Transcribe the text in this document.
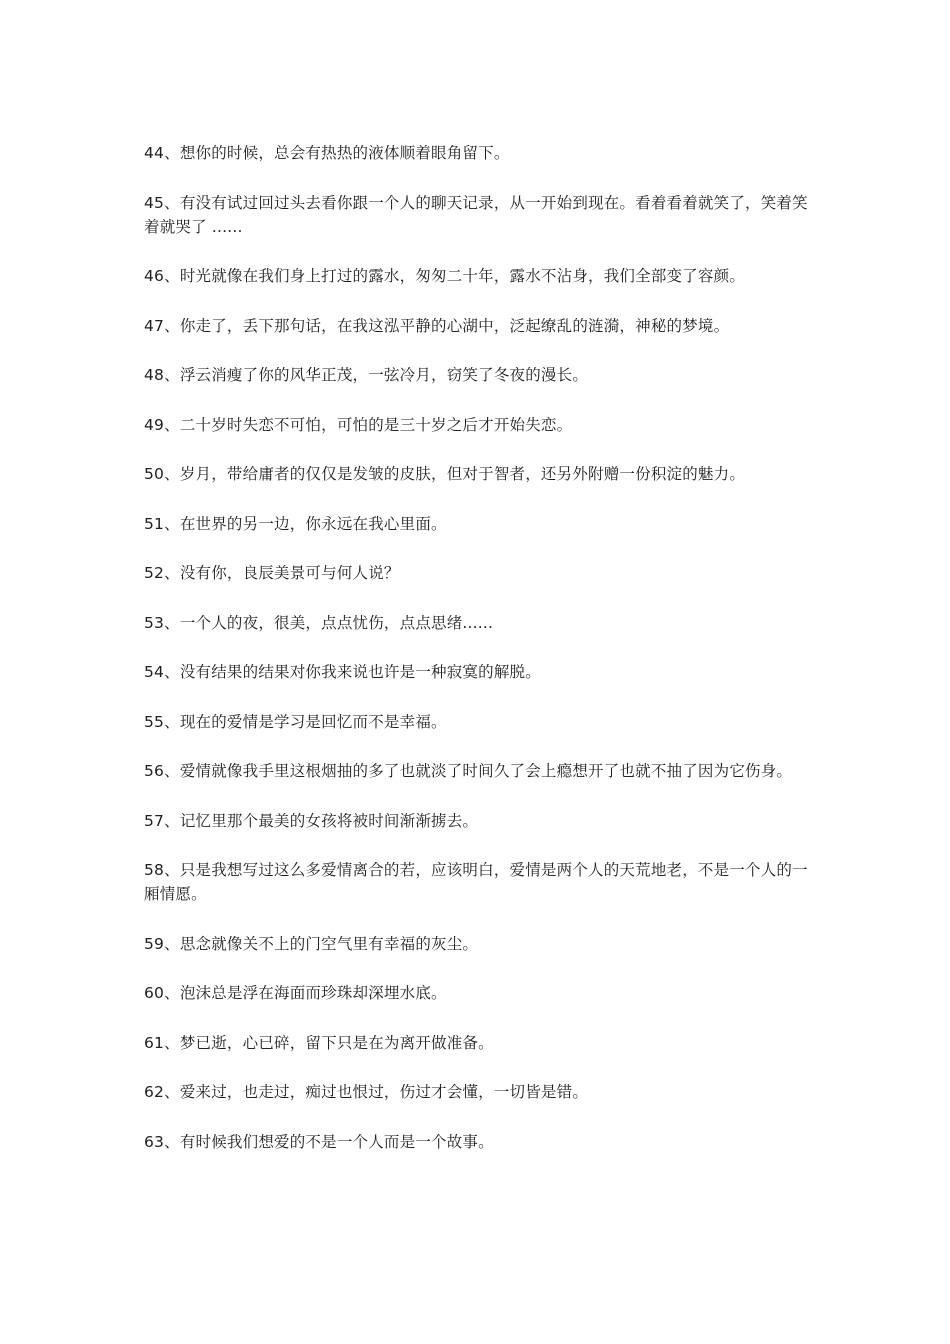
44、想你的时候，总会有热热的液体顺着眼角留下。
45、有没有试过回过头去看你跟一个人的聊天记录，从一开始到现在。看着看着就笑了，笑着笑着就哭了 ......
46、时光就像在我们身上打过的露水，匆匆二十年，露水不沾身，我们全部变了容颜。
47、你走了，丢下那句话，在我这泓平静的心湖中，泛起缭乱的涟漪，神秘的梦境。
48、浮云消瘦了你的风华正茂，一弦冷月，窃笑了冬夜的漫长。
49、二十岁时失恋不可怕，可怕的是三十岁之后才开始失恋。
50、岁月，带给庸者的仅仅是发皱的皮肤，但对于智者，还另外附赠一份积淀的魅力。
51、在世界的另一边，你永远在我心里面。
52、没有你，良辰美景可与何人说？
53、一个人的夜，很美，点点忧伤，点点思绪......
54、没有结果的结果对你我来说也许是一种寂寞的解脱。
55、现在的爱情是学习是回忆而不是幸福。
56、爱情就像我手里这根烟抽的多了也就淡了时间久了会上瘾想开了也就不抽了因为它伤身。
57、记忆里那个最美的女孩将被时间渐渐掳去。
58、只是我想写过这么多爱情离合的若，应该明白，爱情是两个人的天荒地老，不是一个人的一厢情愿。
59、思念就像关不上的门空气里有幸福的灰尘。
60、泡沫总是浮在海面而珍珠却深埋水底。
61、梦已逝，心已碎，留下只是在为离开做准备。
62、爱来过，也走过，痴过也恨过，伤过才会懂，一切皆是错。
63、有时候我们想爱的不是一个人而是一个故事。
